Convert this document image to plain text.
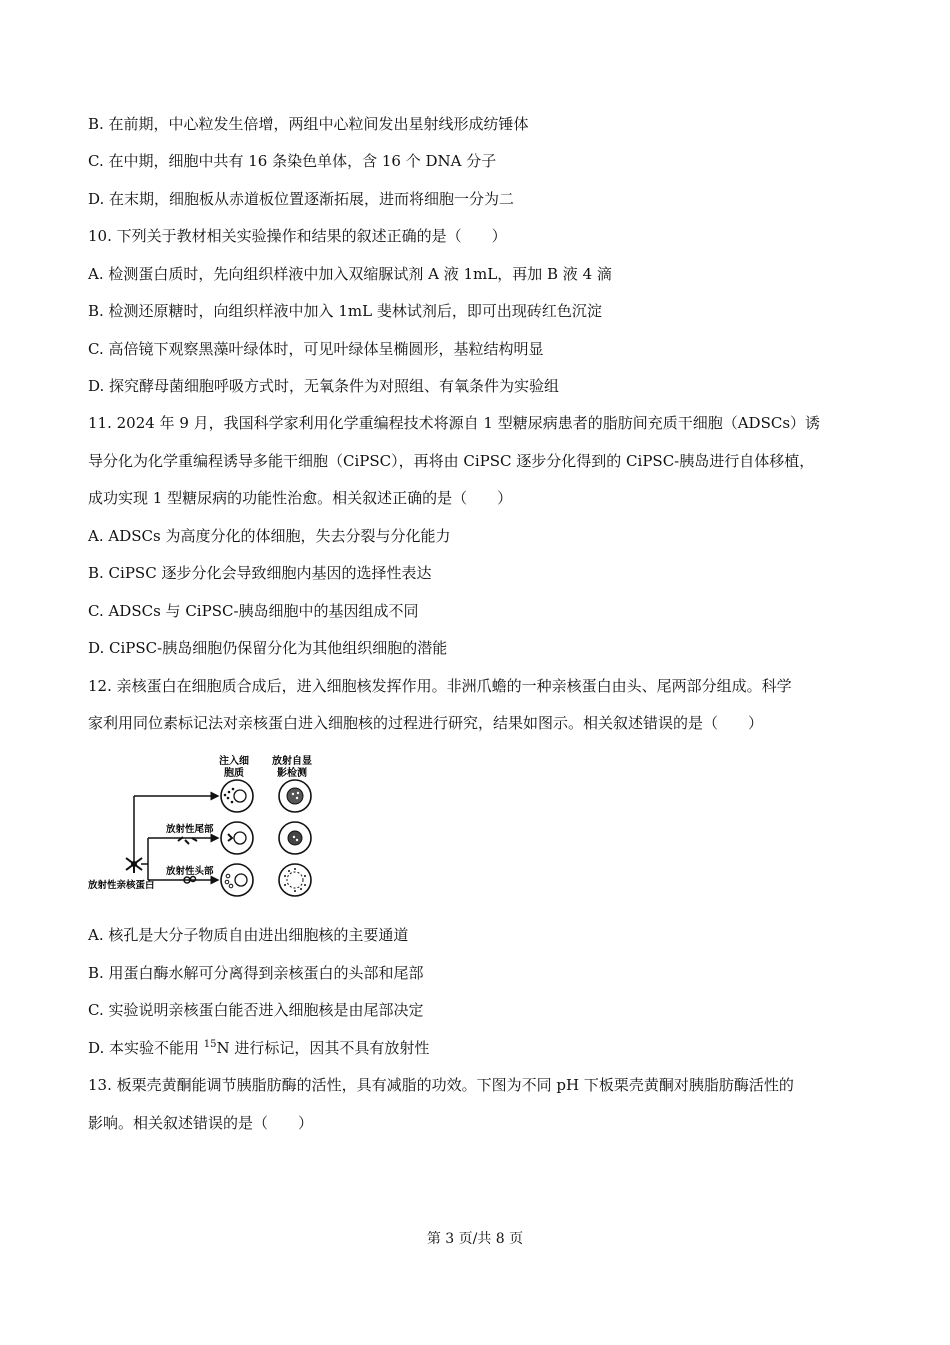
B. 在前期，中心粒发生倍增，两组中心粒间发出星射线形成纺锤体
C. 在中期，细胞中共有 16 条染色单体，含 16 个 DNA 分子
D. 在末期，细胞板从赤道板位置逐渐拓展，进而将细胞一分为二
10. 下列关于教材相关实验操作和结果的叙述正确的是（　　）
A. 检测蛋白质时，先向组织样液中加入双缩脲试剂 A 液 1mL，再加 B 液 4 滴
B. 检测还原糖时，向组织样液中加入 1mL 斐林试剂后，即可出现砖红色沉淀
C. 高倍镜下观察黑藻叶绿体时，可见叶绿体呈椭圆形，基粒结构明显
D. 探究酵母菌细胞呼吸方式时，无氧条件为对照组、有氧条件为实验组
11. 2024 年 9 月，我国科学家利用化学重编程技术将源自 1 型糖尿病患者的脂肪间充质干细胞（ADSCs）诱
导分化为化学重编程诱导多能干细胞（CiPSC），再将由 CiPSC 逐步分化得到的 CiPSC-胰岛进行自体移植，
成功实现 1 型糖尿病的功能性治愈。相关叙述正确的是（　　）
A. ADSCs 为高度分化的体细胞，失去分裂与分化能力
B. CiPSC 逐步分化会导致细胞内基因的选择性表达
C. ADSCs 与 CiPSC-胰岛细胞中的基因组成不同
D. CiPSC-胰岛细胞仍保留分化为其他组织细胞的潜能
12. 亲核蛋白在细胞质合成后，进入细胞核发挥作用。非洲爪蟾的一种亲核蛋白由头、尾两部分组成。科学
家利用同位素标记法对亲核蛋白进入细胞核的过程进行研究，结果如图示。相关叙述错误的是（　　）
注入细
胞质
放射自显
影检测
放射性亲核蛋白
放射性尾部
放射性头部
A. 核孔是大分子物质自由进出细胞核的主要通道
B. 用蛋白酶水解可分离得到亲核蛋白的头部和尾部
C. 实验说明亲核蛋白能否进入细胞核是由尾部决定
D. 本实验不能用 $^{15}$N 进行标记，因其不具有放射性
13. 板栗壳黄酮能调节胰脂肪酶的活性，具有减脂的功效。下图为不同 pH 下板栗壳黄酮对胰脂肪酶活性的
影响。相关叙述错误的是（　　）
第 3 页/共 8 页
